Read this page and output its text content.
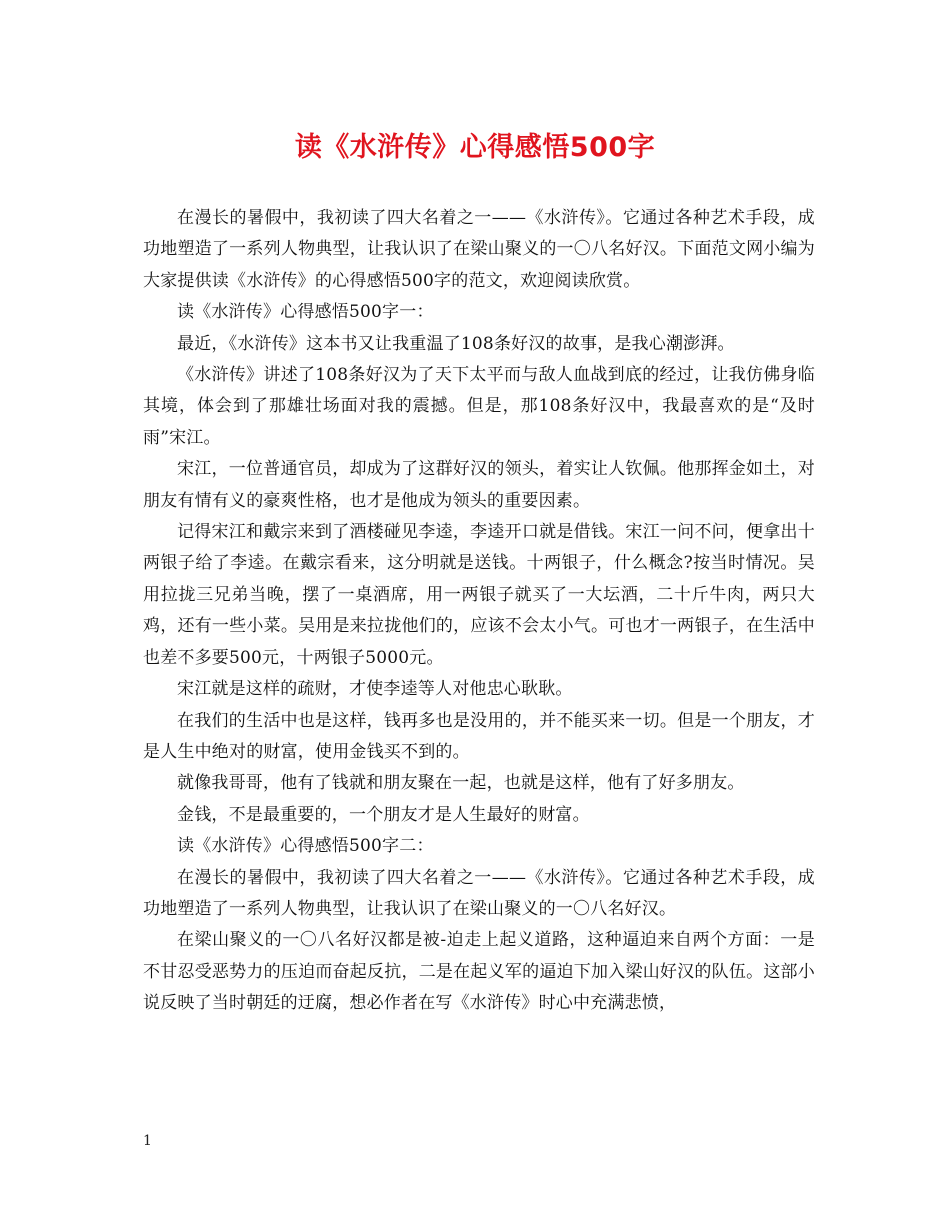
读《水浒传》心得感悟500字

在漫长的暑假中，我初读了四大名着之一——《水浒传》。它通过各种艺术手段，成功地塑造了一系列人物典型，让我认识了在梁山聚义的一〇八名好汉。下面范文网小编为大家提供读《水浒传》的心得感悟500字的范文，欢迎阅读欣赏。

读《水浒传》心得感悟500字一：

最近，《水浒传》这本书又让我重温了108条好汉的故事，是我心潮澎湃。

《水浒传》讲述了108条好汉为了天下太平而与敌人血战到底的经过，让我仿佛身临其境，体会到了那雄壮场面对我的震撼。但是，那108条好汉中，我最喜欢的是“及时雨”宋江。

宋江，一位普通官员，却成为了这群好汉的领头，着实让人钦佩。他那挥金如土，对朋友有情有义的豪爽性格，也才是他成为领头的重要因素。

记得宋江和戴宗来到了酒楼碰见李逵，李逵开口就是借钱。宋江一问不问，便拿出十两银子给了李逵。在戴宗看来，这分明就是送钱。十两银子，什么概念?按当时情况。吴用拉拢三兄弟当晚，摆了一桌酒席，用一两银子就买了一大坛酒，二十斤牛肉，两只大鸡，还有一些小菜。吴用是来拉拢他们的，应该不会太小气。可也才一两银子，在生活中也差不多要500元，十两银子5000元。

宋江就是这样的疏财，才使李逵等人对他忠心耿耿。

在我们的生活中也是这样，钱再多也是没用的，并不能买来一切。但是一个朋友，才是人生中绝对的财富，使用金钱买不到的。

就像我哥哥，他有了钱就和朋友聚在一起，也就是这样，他有了好多朋友。

金钱，不是最重要的，一个朋友才是人生最好的财富。

读《水浒传》心得感悟500字二：

在漫长的暑假中，我初读了四大名着之一——《水浒传》。它通过各种艺术手段，成功地塑造了一系列人物典型，让我认识了在梁山聚义的一〇八名好汉。

在梁山聚义的一〇八名好汉都是被-迫走上起义道路，这种逼迫来自两个方面：一是不甘忍受恶势力的压迫而奋起反抗，二是在起义军的逼迫下加入梁山好汉的队伍。这部小说反映了当时朝廷的迂腐，想必作者在写《水浒传》时心中充满悲愤，

1
